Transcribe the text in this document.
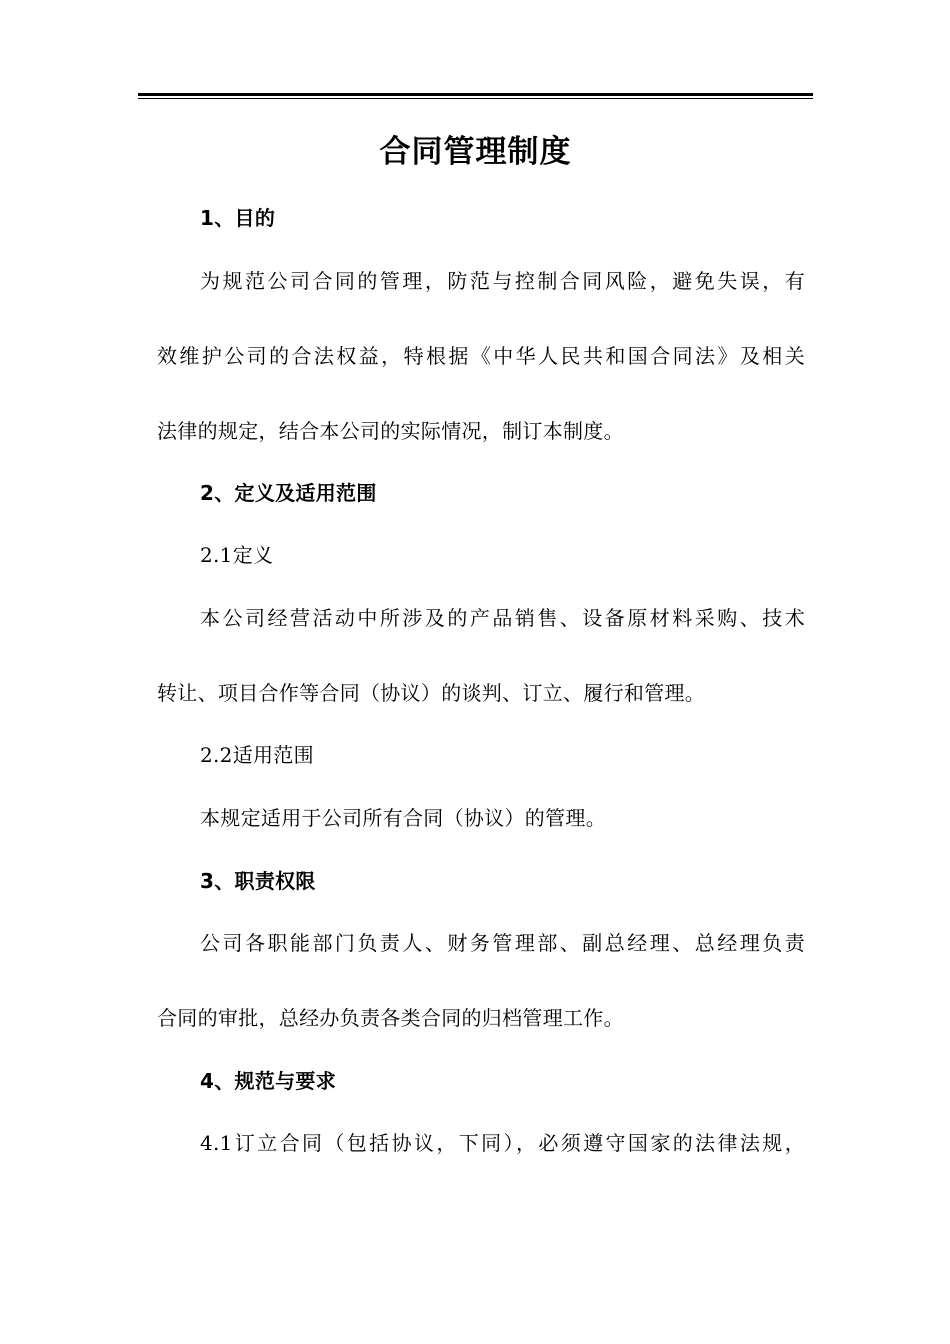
合同管理制度
1、目的
为规范公司合同的管理，防范与控制合同风险，避免失误，有
效维护公司的合法权益，特根据《中华人民共和国合同法》及相关
法律的规定，结合本公司的实际情况，制订本制度。
2、定义及适用范围
2.1定义
本公司经营活动中所涉及的产品销售、设备原材料采购、技术
转让、项目合作等合同（协议）的谈判、订立、履行和管理。
2.2适用范围
本规定适用于公司所有合同（协议）的管理。
3、职责权限
公司各职能部门负责人、财务管理部、副总经理、总经理负责
合同的审批，总经办负责各类合同的归档管理工作。
4、规范与要求
4.1订立合同（包括协议，下同），必须遵守国家的法律法规，
